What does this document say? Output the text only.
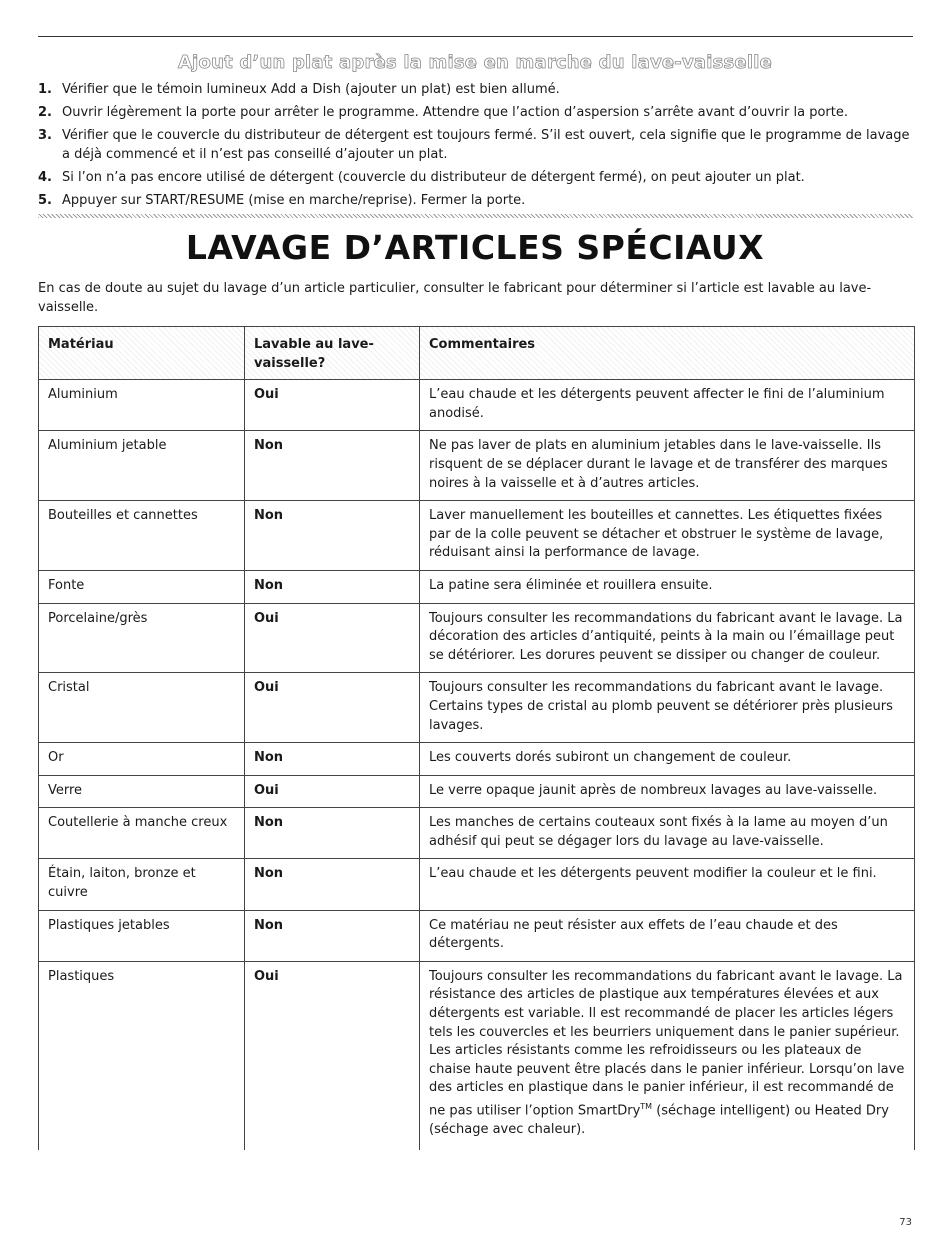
Ajout d’un plat après la mise en marche du lave-vaisselle
1. Vérifier que le témoin lumineux Add a Dish (ajouter un plat) est bien allumé.
2. Ouvrir légèrement la porte pour arrêter le programme. Attendre que l’action d’aspersion s’arrête avant d’ouvrir la porte.
3. Vérifier que le couvercle du distributeur de détergent est toujours fermé. S’il est ouvert, cela signifie que le programme de lavage a déjà commencé et il n’est pas conseillé d’ajouter un plat.
4. Si l’on n’a pas encore utilisé de détergent (couvercle du distributeur de détergent fermé), on peut ajouter un plat.
5. Appuyer sur START/RESUME (mise en marche/reprise). Fermer la porte.
LAVAGE D’ARTICLES SPÉCIAUX

En cas de doute au sujet du lavage d’un article particulier, consulter le fabricant pour déterminer si l’article est lavable au lave-vaisselle.

Matériau	Lavable au lave-vaisselle?	Commentaires
Aluminium	Oui	L’eau chaude et les détergents peuvent affecter le fini de l’aluminium anodisé.
Aluminium jetable	Non	Ne pas laver de plats en aluminium jetables dans le lave-vaisselle. Ils risquent de se déplacer durant le lavage et de transférer des marques noires à la vaisselle et à d’autres articles.
Bouteilles et cannettes	Non	Laver manuellement les bouteilles et cannettes. Les étiquettes fixées par de la colle peuvent se détacher et obstruer le système de lavage, réduisant ainsi la performance de lavage.
Fonte	Non	La patine sera éliminée et rouillera ensuite.
Porcelaine/grès	Oui	Toujours consulter les recommandations du fabricant avant le lavage. La décoration des articles d’antiquité, peints à la main ou l’émaillage peut se détériorer. Les dorures peuvent se dissiper ou changer de couleur.
Cristal	Oui	Toujours consulter les recommandations du fabricant avant le lavage. Certains types de cristal au plomb peuvent se détériorer près plusieurs lavages.
Or	Non	Les couverts dorés subiront un changement de couleur.
Verre	Oui	Le verre opaque jaunit après de nombreux lavages au lave-vaisselle.
Coutellerie à manche creux	Non	Les manches de certains couteaux sont fixés à la lame au moyen d’un adhésif qui peut se dégager lors du lavage au lave-vaisselle.
Étain, laiton, bronze et cuivre	Non	L’eau chaude et les détergents peuvent modifier la couleur et le fini.
Plastiques jetables	Non	Ce matériau ne peut résister aux effets de l’eau chaude et des détergents.
Plastiques	Oui	Toujours consulter les recommandations du fabricant avant le lavage. La résistance des articles de plastique aux températures élevées et aux détergents est variable. Il est recommandé de placer les articles légers tels les couvercles et les beurriers uniquement dans le panier supérieur. Les articles résistants comme les refroidisseurs ou les plateaux de chaise haute peuvent être placés dans le panier inférieur. Lorsqu’on lave des articles en plastique dans le panier inférieur, il est recommandé de ne pas utiliser l’option SmartDry™ (séchage intelligent) ou Heated Dry (séchage avec chaleur).
73
